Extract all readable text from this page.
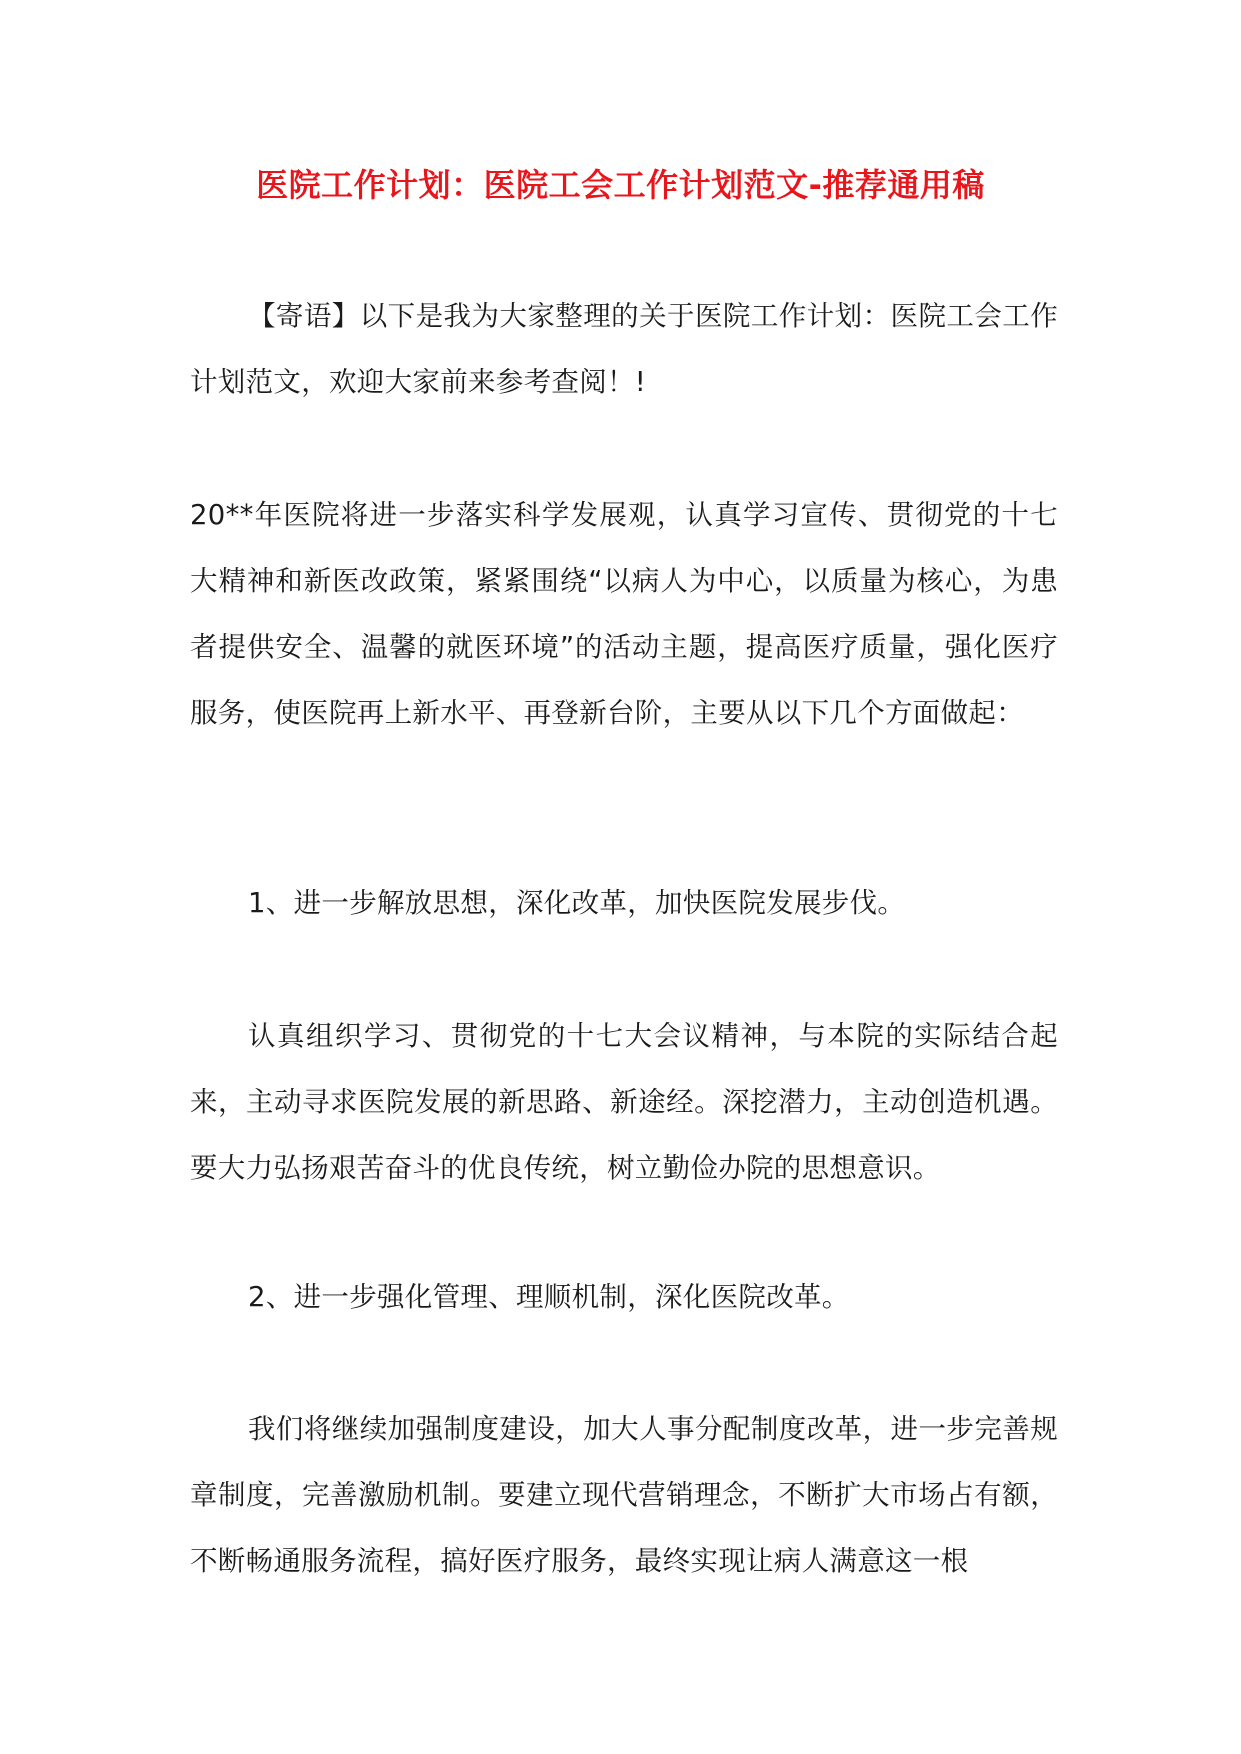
医院工作计划：医院工会工作计划范文-推荐通用稿

【寄语】以下是我为大家整理的关于医院工作计划：医院工会工作计划范文，欢迎大家前来参考查阅！!

20**年医院将进一步落实科学发展观，认真学习宣传、贯彻党的十七大精神和新医改政策，紧紧围绕“以病人为中心，以质量为核心，为患者提供安全、温馨的就医环境”的活动主题，提高医疗质量，强化医疗服务，使医院再上新水平、再登新台阶，主要从以下几个方面做起：

1、进一步解放思想，深化改革，加快医院发展步伐。

认真组织学习、贯彻党的十七大会议精神，与本院的实际结合起来，主动寻求医院发展的新思路、新途经。深挖潜力，主动创造机遇。要大力弘扬艰苦奋斗的优良传统，树立勤俭办院的思想意识。

2、进一步强化管理、理顺机制，深化医院改革。

我们将继续加强制度建设，加大人事分配制度改革，进一步完善规章制度，完善激励机制。要建立现代营销理念，不断扩大市场占有额，不断畅通服务流程，搞好医疗服务，最终实现让病人满意这一根
